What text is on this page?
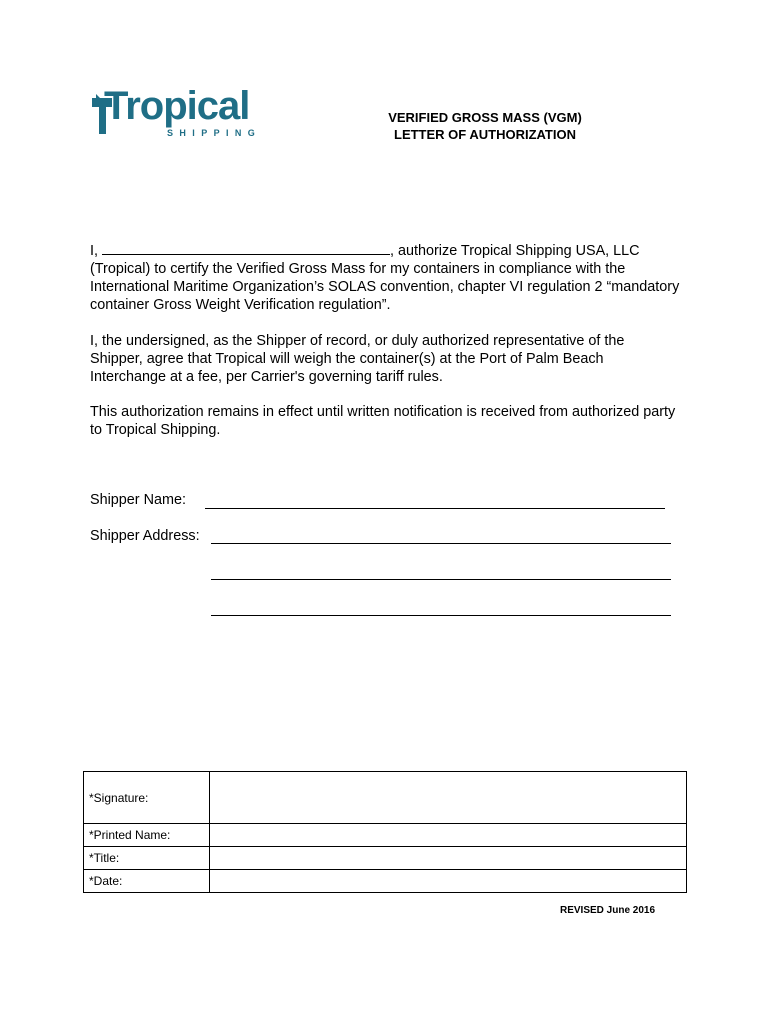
Tropical
SHIPPING
VERIFIED GROSS MASS (VGM)
LETTER OF AUTHORIZATION

I,	, authorize Tropical Shipping USA, LLC (Tropical) to certify the Verified Gross Mass for my containers in compliance with the International Maritime Organization’s SOLAS convention, chapter VI regulation 2 “mandatory container Gross Weight Verification regulation”.

I, the undersigned, as the Shipper of record, or duly authorized representative of the Shipper, agree that Tropical will weigh the container(s) at the Port of Palm Beach Interchange at a fee, per Carrier's governing tariff rules.

This authorization remains in effect until written notification is received from authorized party to Tropical Shipping.

Shipper Name:
Shipper Address:
*Signature:	
*Printed Name:	
*Title:	
*Date:	
REVISED June 2016
